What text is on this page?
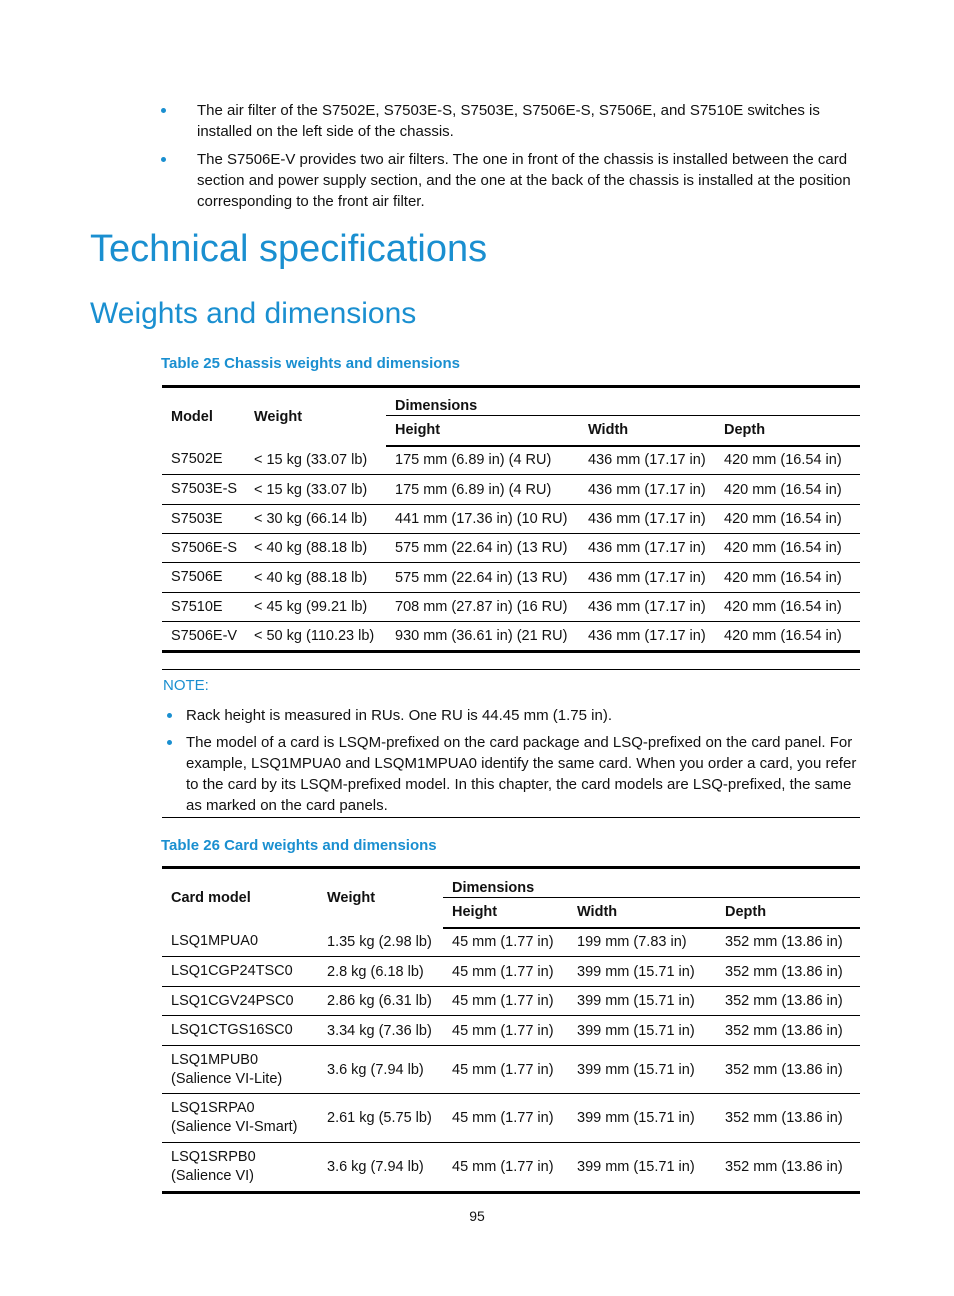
The air filter of the S7502E, S7503E-S, S7503E, S7506E-S, S7506E, and S7510E switches is installed on the left side of the chassis.
The S7506E-V provides two air filters. The one in front of the chassis is installed between the card section and power supply section, and the one at the back of the chassis is installed at the position corresponding to the front air filter.
Technical specifications
Weights and dimensions
Table 25 Chassis weights and dimensions
Model	Weight	Dimensions		
		Height	Width	Depth
S7502E	< 15 kg (33.07 lb)	175 mm (6.89 in) (4 RU)	436 mm (17.17 in)	420 mm (16.54 in)
S7503E-S	< 15 kg (33.07 lb)	175 mm (6.89 in) (4 RU)	436 mm (17.17 in)	420 mm (16.54 in)
S7503E	< 30 kg (66.14 lb)	441 mm (17.36 in) (10 RU)	436 mm (17.17 in)	420 mm (16.54 in)
S7506E-S	< 40 kg (88.18 lb)	575 mm (22.64 in) (13 RU)	436 mm (17.17 in)	420 mm (16.54 in)
S7506E	< 40 kg (88.18 lb)	575 mm (22.64 in) (13 RU)	436 mm (17.17 in)	420 mm (16.54 in)
S7510E	< 45 kg (99.21 lb)	708 mm (27.87 in) (16 RU)	436 mm (17.17 in)	420 mm (16.54 in)
S7506E-V	< 50 kg (110.23 lb)	930 mm (36.61 in) (21 RU)	436 mm (17.17 in)	420 mm (16.54 in)
NOTE:
Rack height is measured in RUs. One RU is 44.45 mm (1.75 in).
The model of a card is LSQM-prefixed on the card package and LSQ-prefixed on the card panel. For example, LSQ1MPUA0 and LSQM1MPUA0 identify the same card. When you order a card, you refer to the card by its LSQM-prefixed model. In this chapter, the card models are LSQ-prefixed, the same as marked on the card panels.
Table 26 Card weights and dimensions
Card model	Weight	Dimensions		
		Height	Width	Depth
LSQ1MPUA0	1.35 kg (2.98 lb)	45 mm (1.77 in)	199 mm (7.83 in)	352 mm (13.86 in)
LSQ1CGP24TSC0	2.8 kg (6.18 lb)	45 mm (1.77 in)	399 mm (15.71 in)	352 mm (13.86 in)
LSQ1CGV24PSC0	2.86 kg (6.31 lb)	45 mm (1.77 in)	399 mm (15.71 in)	352 mm (13.86 in)
LSQ1CTGS16SC0	3.34 kg (7.36 lb)	45 mm (1.77 in)	399 mm (15.71 in)	352 mm (13.86 in)
LSQ1MPUB0 (Salience VI-Lite)	3.6 kg (7.94 lb)	45 mm (1.77 in)	399 mm (15.71 in)	352 mm (13.86 in)
LSQ1SRPA0 (Salience VI-Smart)	2.61 kg (5.75 lb)	45 mm (1.77 in)	399 mm (15.71 in)	352 mm (13.86 in)
LSQ1SRPB0 (Salience VI)	3.6 kg (7.94 lb)	45 mm (1.77 in)	399 mm (15.71 in)	352 mm (13.86 in)
95
